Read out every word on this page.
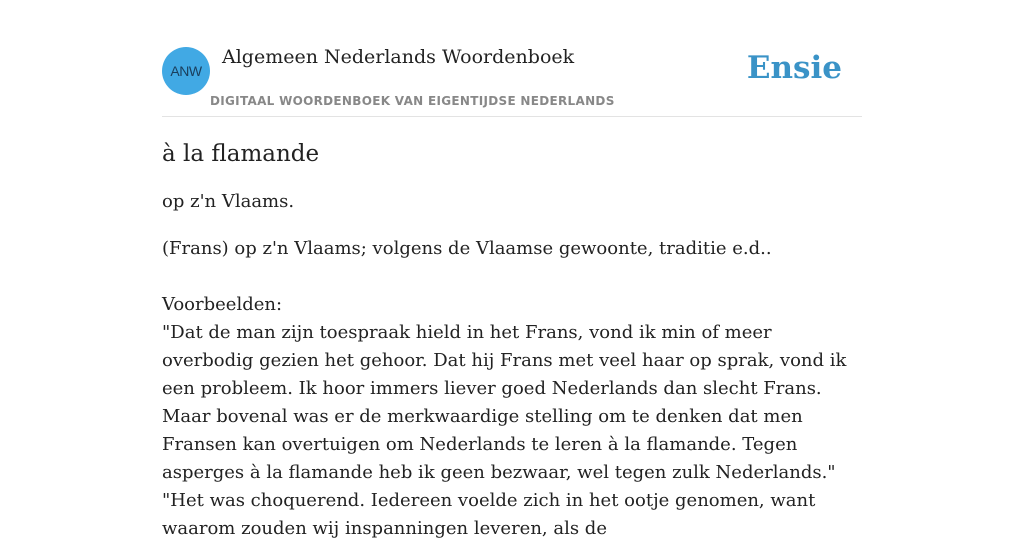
ANW
Algemeen Nederlands Woordenboek
DIGITAAL WOORDENBOEK VAN EIGENTIJDSE NEDERLANDS
Ensie
à la flamande

op z'n Vlaams.

(Frans) op z'n Vlaams; volgens de Vlaamse gewoonte, traditie e.d..

Voorbeelden:

"Dat de man zijn toespraak hield in het Frans, vond ik min of meer overbodig gezien het gehoor. Dat hij Frans met veel haar op sprak, vond ik een probleem. Ik hoor immers liever goed Nederlands dan slecht Frans. Maar bovenal was er de merkwaardige stelling om te denken dat men Fransen kan overtuigen om Nederlands te leren à la flamande. Tegen asperges à la flamande heb ik geen bezwaar, wel tegen zulk Nederlands." "Het was choquerend. Iedereen voelde zich in het ootje genomen, want waarom zouden wij inspanningen leveren, als de
